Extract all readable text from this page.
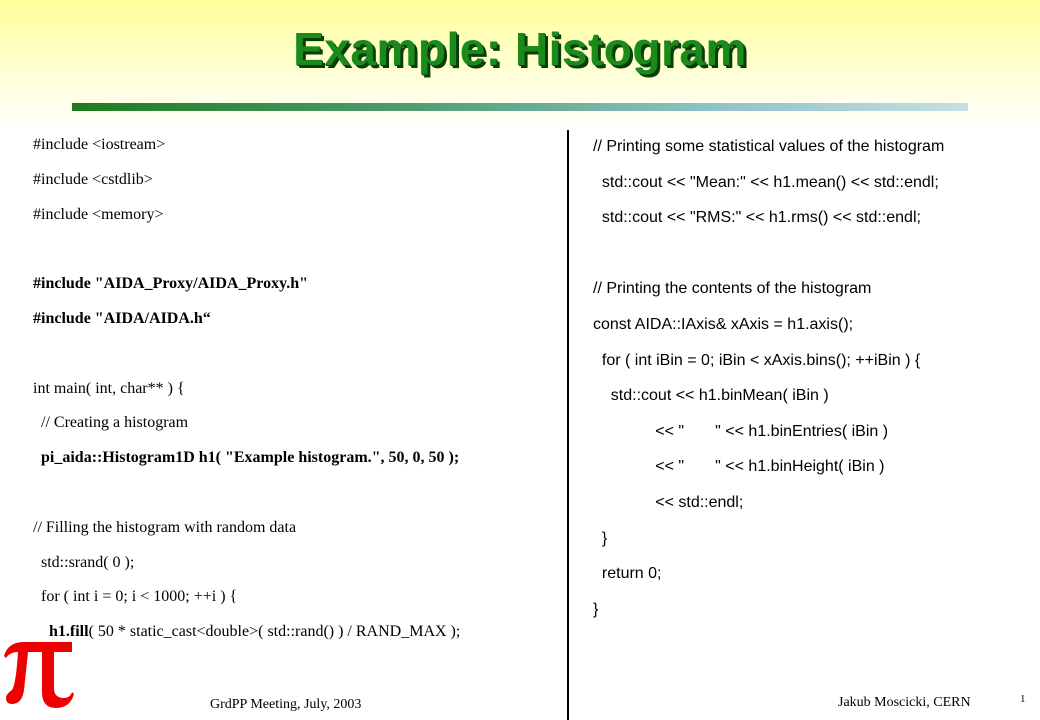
Example: Histogram
#include <iostream>
#include <cstdlib>
#include <memory>
#include "AIDA_Proxy/AIDA_Proxy.h"
#include "AIDA/AIDA.h“
int main( int, char** ) {
// Creating a histogram
pi_aida::Histogram1D h1( "Example histogram.", 50, 0, 50 );
// Filling the histogram with random data
std::srand( 0 );
for ( int i = 0; i < 1000; ++i ) {
h1.fill( 50 * static_cast<double>( std::rand() ) / RAND_MAX );
// Printing some statistical values of the histogram
std::cout << "Mean:" << h1.mean() << std::endl;
std::cout << "RMS:" << h1.rms() << std::endl;
// Printing the contents of the histogram
const AIDA::IAxis& xAxis = h1.axis();
for ( int iBin = 0; iBin < xAxis.bins(); ++iBin ) {
std::cout << h1.binMean( iBin )
<< "       " << h1.binEntries( iBin )
<< "       " << h1.binHeight( iBin )
<< std::endl;
}
return 0;
}
GrdPP Meeting, July, 2003	Jakub Moscicki, CERN	1
